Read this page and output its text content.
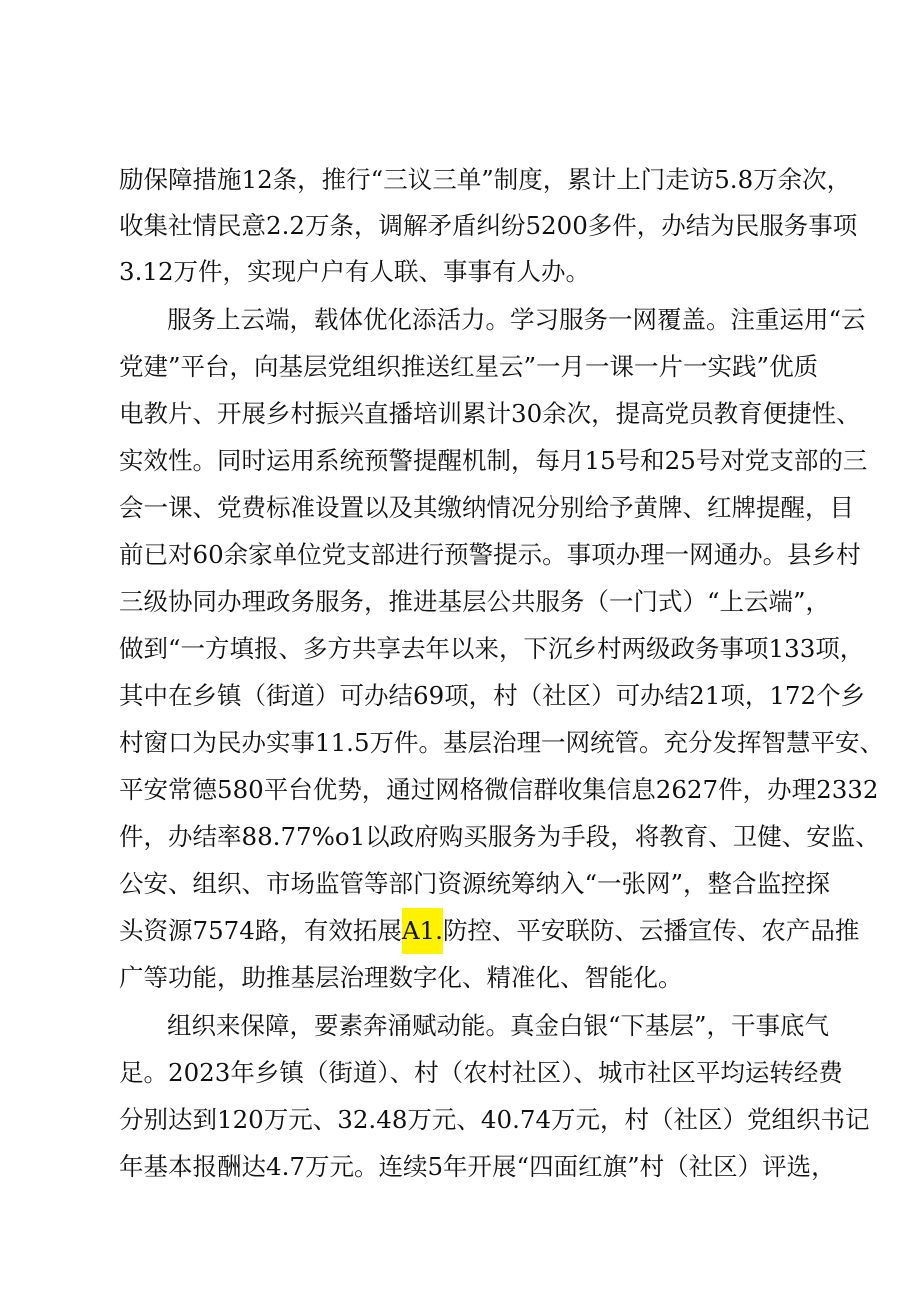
励保障措施12条，推行“三议三单”制度，累计上门走访5.8万余次，
收集社情民意2.2万条，调解矛盾纠纷5200多件，办结为民服务事项
3.12万件，实现户户有人联、事事有人办。
服务上云端，载体优化添活力。学习服务一网覆盖。注重运用“云
党建”平台，向基层党组织推送红星云”一月一课一片一实践”优质
电教片、开展乡村振兴直播培训累计30余次，提高党员教育便捷性、
实效性。同时运用系统预警提醒机制，每月15号和25号对党支部的三
会一课、党费标准设置以及其缴纳情况分别给予黄牌、红牌提醒，目
前已对60余家单位党支部进行预警提示。事项办理一网通办。县乡村
三级协同办理政务服务，推进基层公共服务（一门式）“上云端”，
做到“一方填报、多方共享去年以来，下沉乡村两级政务事项133项，
其中在乡镇（街道）可办结69项，村（社区）可办结21项，172个乡
村窗口为民办实事11.5万件。基层治理一网统管。充分发挥智慧平安、
平安常德580平台优势，通过网格微信群收集信息2627件，办理2332
件，办结率88.77%o1以政府购买服务为手段，将教育、卫健、安监、
公安、组织、市场监管等部门资源统筹纳入“一张网”，整合监控探
头资源7574路，有效拓展A1.防控、平安联防、云播宣传、农产品推
广等功能，助推基层治理数字化、精准化、智能化。
组织来保障，要素奔涌赋动能。真金白银“下基层”，干事底气
足。2023年乡镇（街道）、村（农村社区）、城市社区平均运转经费
分别达到120万元、32.48万元、40.74万元，村（社区）党组织书记
年基本报酬达4.7万元。连续5年开展“四面红旗”村（社区）评选，
